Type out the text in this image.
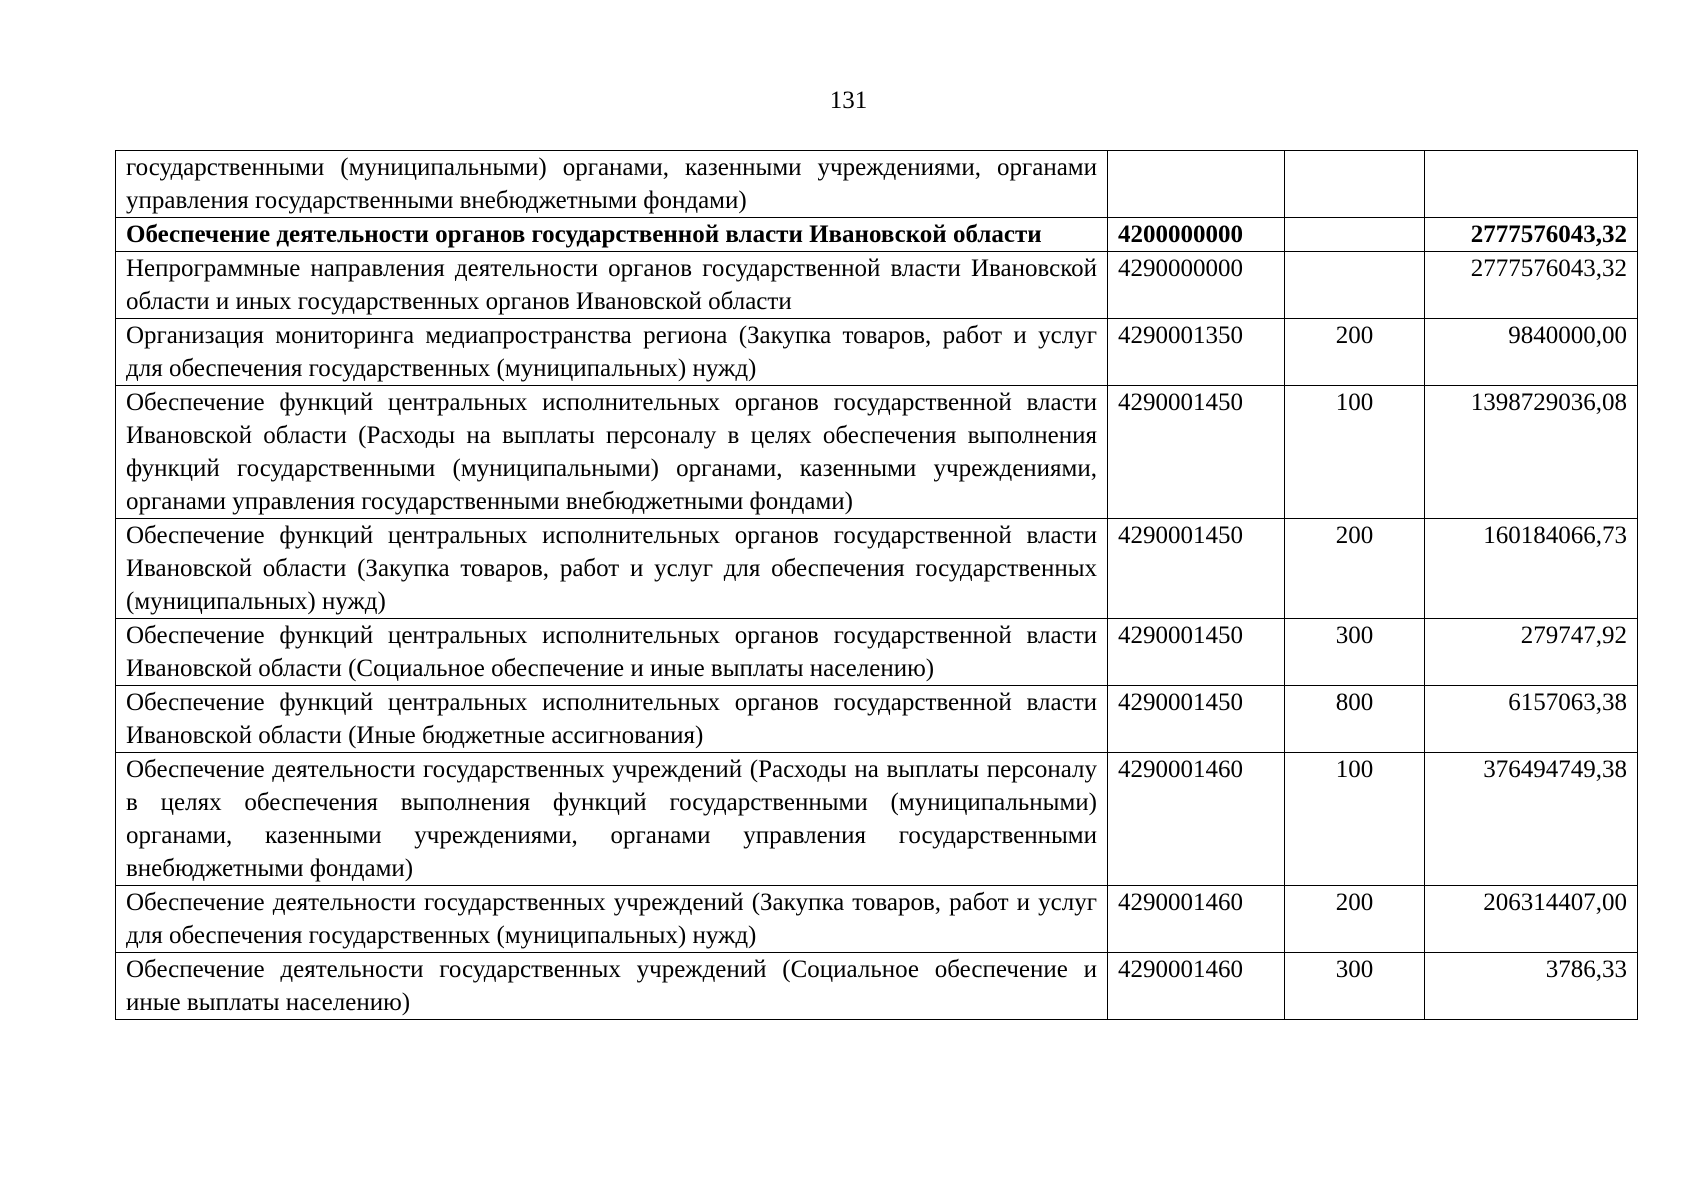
131
государственными (муниципальными) органами, казенными учреждениями, органами управления государственными внебюджетными фондами)			
Обеспечение деятельности органов государственной власти Ивановской области	4200000000		2777576043,32
Непрограммные направления деятельности органов государственной власти Ивановской области и иных государственных органов Ивановской области	4290000000		2777576043,32
Организация мониторинга медиапространства региона (Закупка товаров, работ и услуг для обеспечения государственных (муниципальных) нужд)	4290001350	200	9840000,00
Обеспечение функций центральных исполнительных органов государственной власти Ивановской области (Расходы на выплаты персоналу в целях обеспечения выполнения функций государственными (муниципальными) органами, казенными учреждениями, органами управления государственными внебюджетными фондами)	4290001450	100	1398729036,08
Обеспечение функций центральных исполнительных органов государственной власти Ивановской области (Закупка товаров, работ и услуг для обеспечения государственных (муниципальных) нужд)	4290001450	200	160184066,73
Обеспечение функций центральных исполнительных органов государственной власти Ивановской области (Социальное обеспечение и иные выплаты населению)	4290001450	300	279747,92
Обеспечение функций центральных исполнительных органов государственной власти Ивановской области (Иные бюджетные ассигнования)	4290001450	800	6157063,38
Обеспечение деятельности государственных учреждений (Расходы на выплаты персоналу в целях обеспечения выполнения функций государственными (муниципальными) органами, казенными учреждениями, органами управления государственными внебюджетными фондами)	4290001460	100	376494749,38
Обеспечение деятельности государственных учреждений (Закупка товаров, работ и услуг для обеспечения государственных (муниципальных) нужд)	4290001460	200	206314407,00
Обеспечение деятельности государственных учреждений (Социальное обеспечение и иные выплаты населению)	4290001460	300	3786,33
